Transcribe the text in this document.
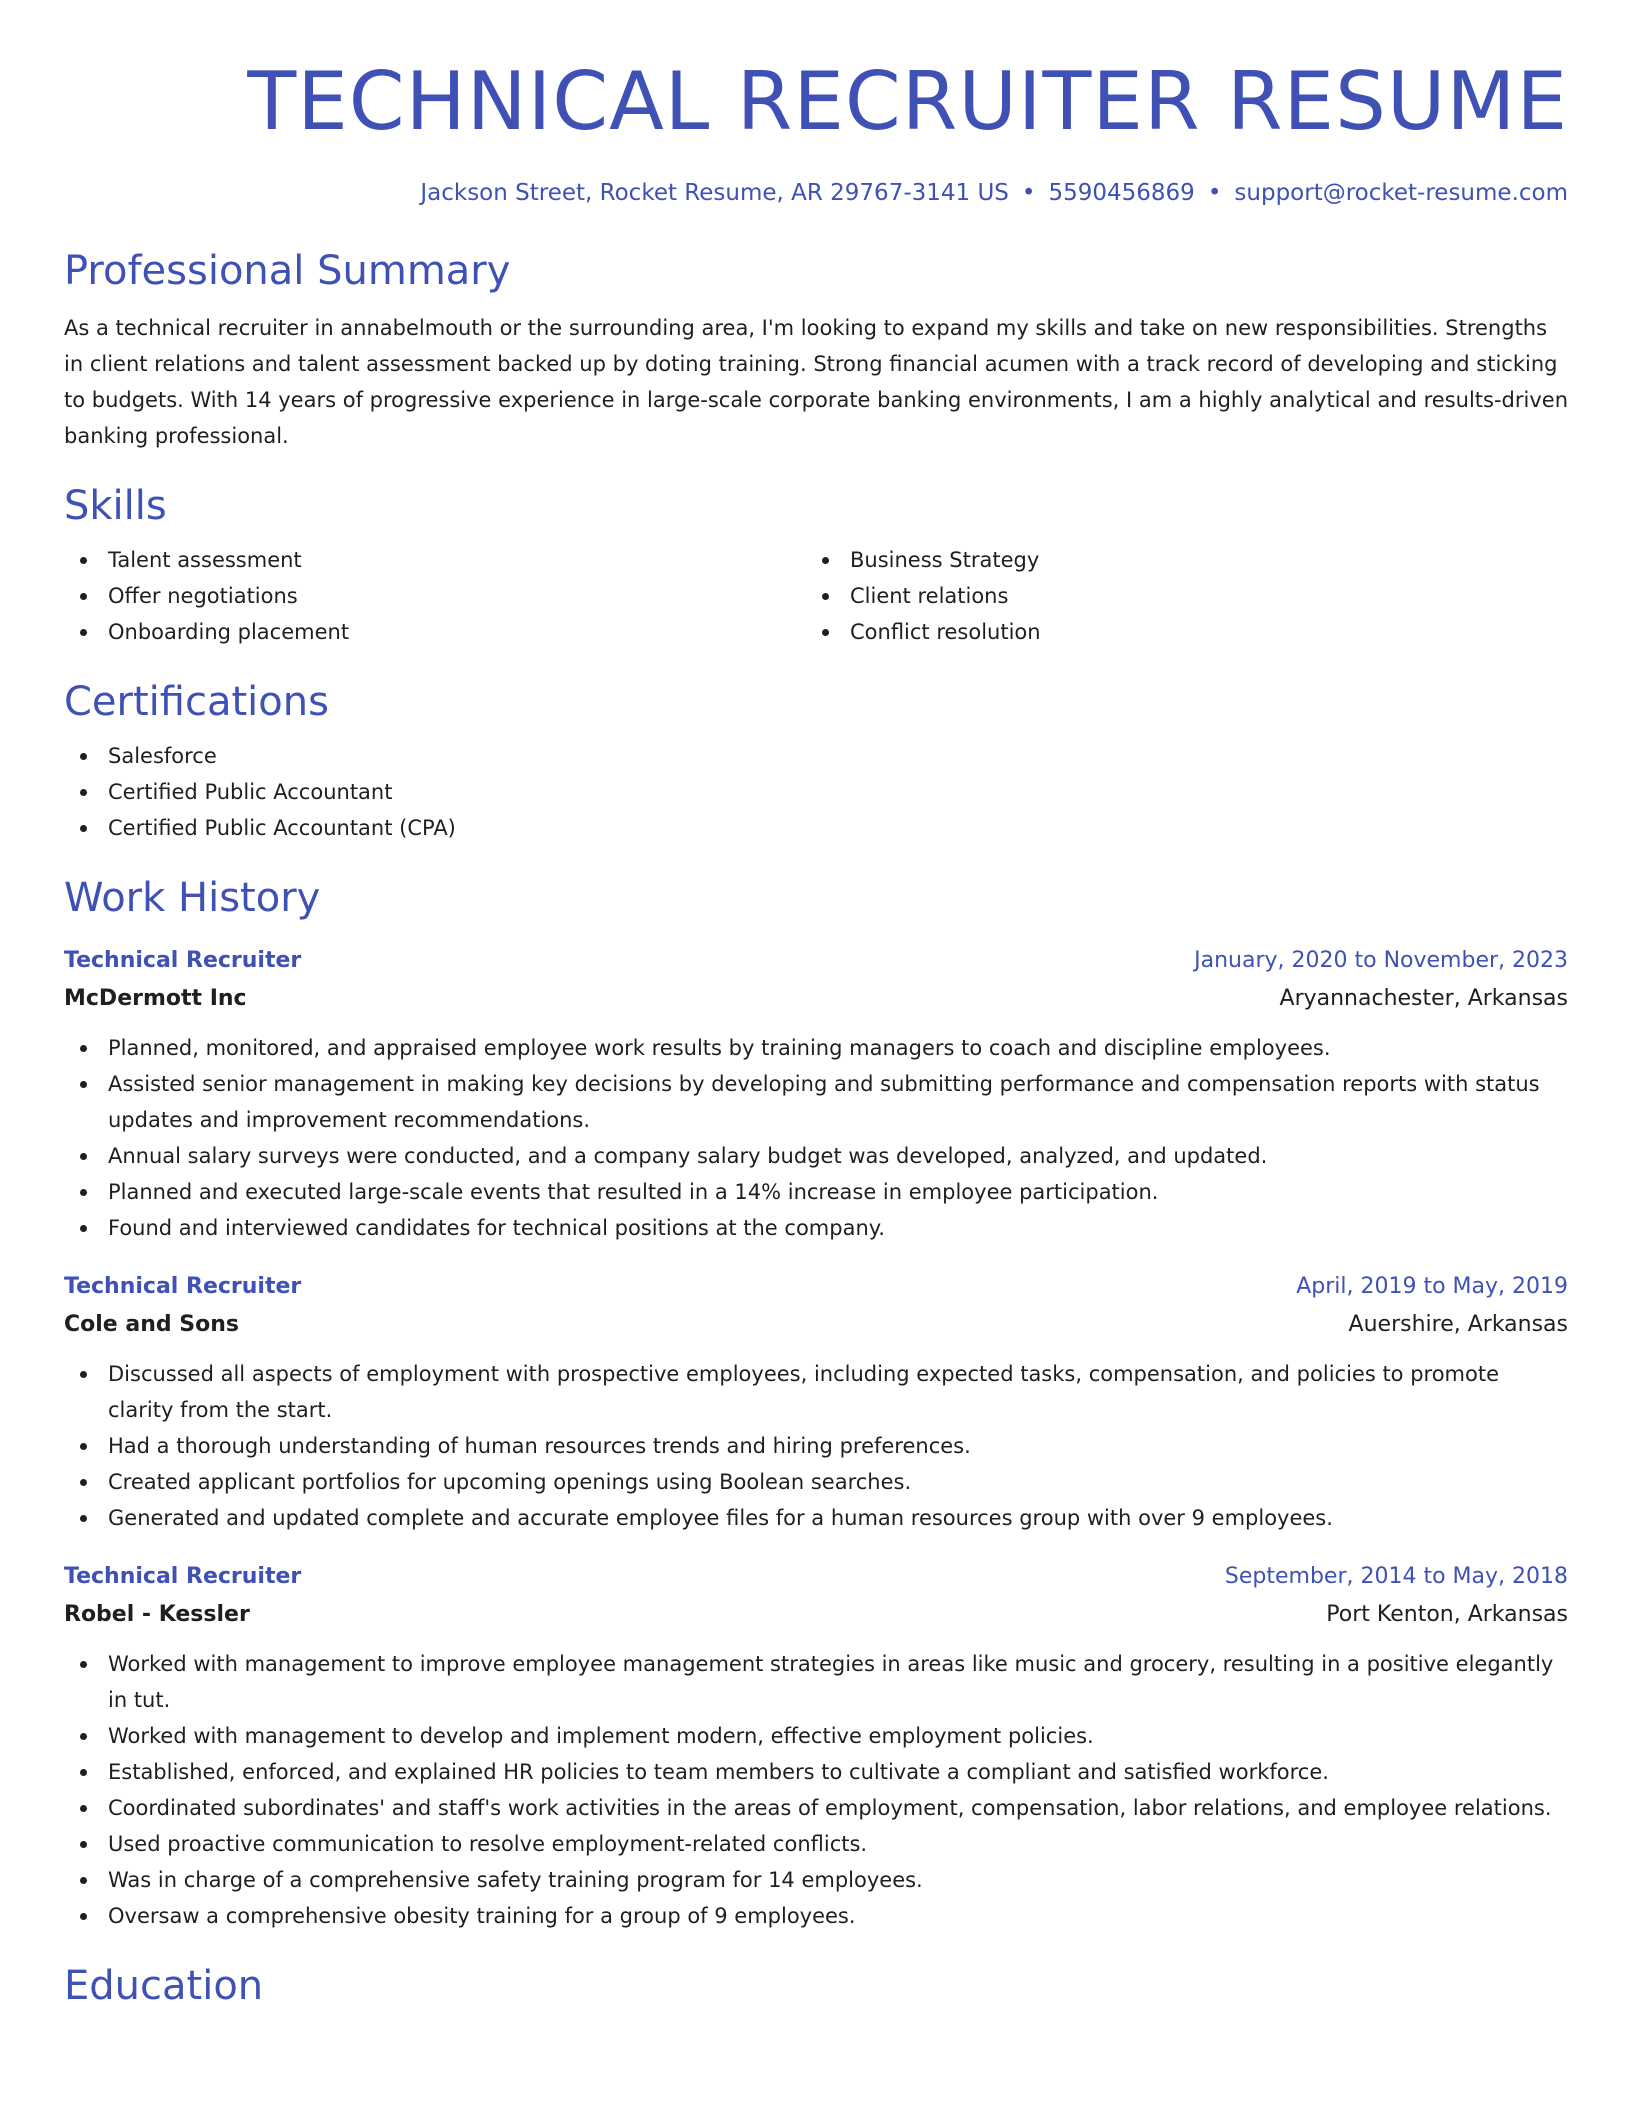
TECHNICAL RECRUITER RESUME
Jackson Street, Rocket Resume, AR 29767-3141 US • 5590456869 • support@rocket-resume.com
Professional Summary

As a technical recruiter in annabelmouth or the surrounding area, I'm looking to expand my skills and take on new responsibilities. Strengths in client relations and talent assessment backed up by doting training. Strong financial acumen with a track record of developing and sticking to budgets. With 14 years of progressive experience in large-scale corporate banking environments, I am a highly analytical and results-driven banking professional.

Skills
Talent assessment
Offer negotiations
Onboarding placement
Business Strategy
Client relations
Conflict resolution
Certifications
Salesforce
Certified Public Accountant
Certified Public Accountant (CPA)
Work History
Technical Recruiter	January, 2020 to November, 2023
McDermott Inc	Aryannachester, Arkansas
Planned, monitored, and appraised employee work results by training managers to coach and discipline employees.
Assisted senior management in making key decisions by developing and submitting performance and compensation reports with status updates and improvement recommendations.
Annual salary surveys were conducted, and a company salary budget was developed, analyzed, and updated.
Planned and executed large-scale events that resulted in a 14% increase in employee participation.
Found and interviewed candidates for technical positions at the company.
Technical Recruiter	April, 2019 to May, 2019
Cole and Sons	Auershire, Arkansas
Discussed all aspects of employment with prospective employees, including expected tasks, compensation, and policies to promote clarity from the start.
Had a thorough understanding of human resources trends and hiring preferences.
Created applicant portfolios for upcoming openings using Boolean searches.
Generated and updated complete and accurate employee files for a human resources group with over 9 employees.
Technical Recruiter	September, 2014 to May, 2018
Robel - Kessler	Port Kenton, Arkansas
Worked with management to improve employee management strategies in areas like music and grocery, resulting in a positive elegantly in tut.
Worked with management to develop and implement modern, effective employment policies.
Established, enforced, and explained HR policies to team members to cultivate a compliant and satisfied workforce.
Coordinated subordinates' and staff's work activities in the areas of employment, compensation, labor relations, and employee relations.
Used proactive communication to resolve employment-related conflicts.
Was in charge of a comprehensive safety training program for 14 employees.
Oversaw a comprehensive obesity training for a group of 9 employees.
Education
